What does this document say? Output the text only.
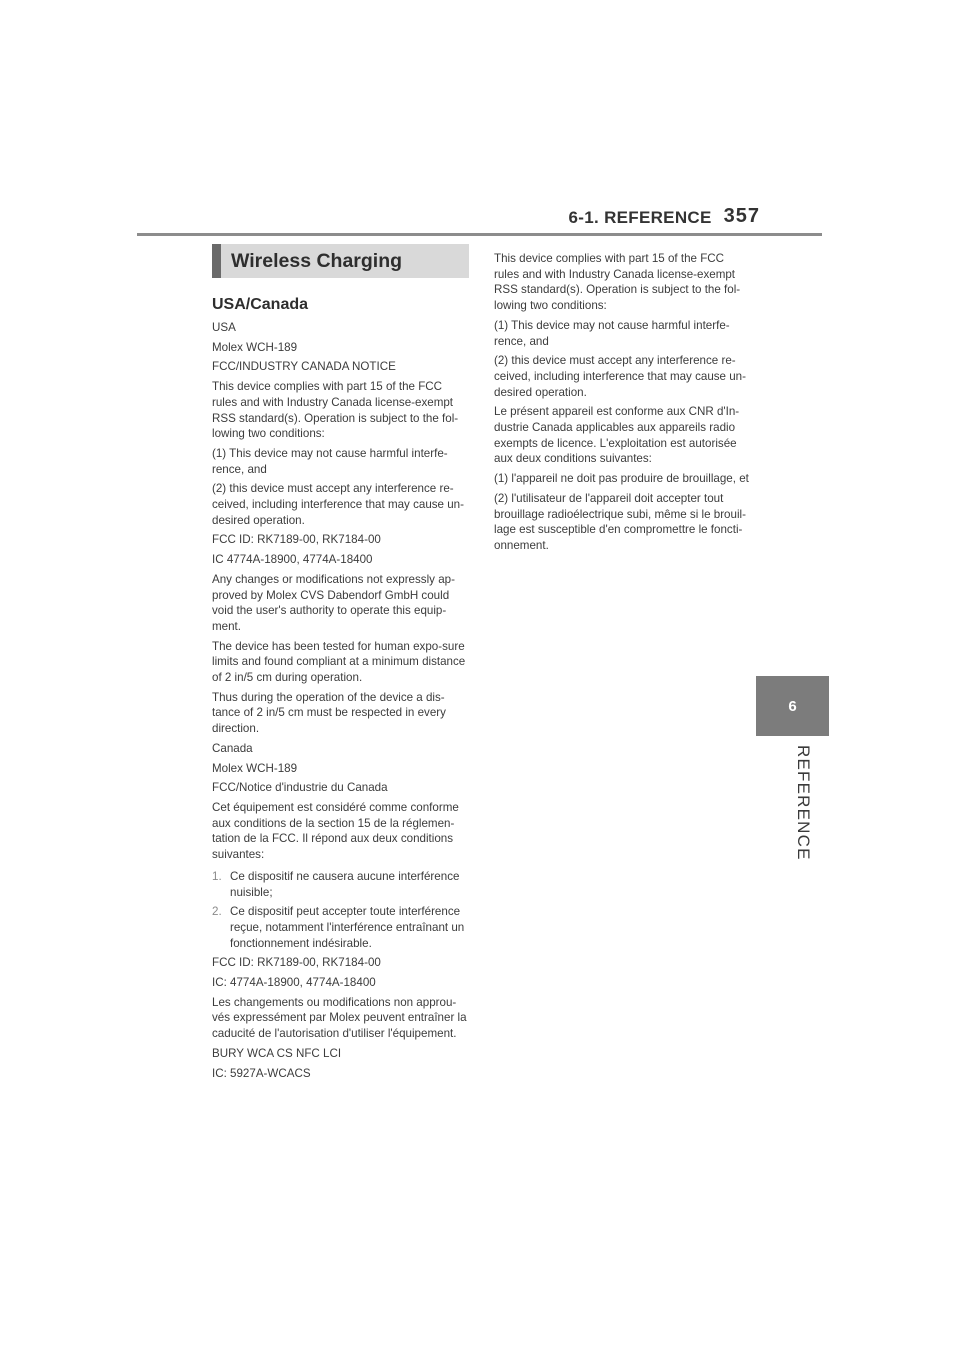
6-1. REFERENCE 357
6
REFERENCE
Wireless Charging
USA/Canada

USA

Molex WCH-189

FCC/INDUSTRY CANADA NOTICE

This device complies with part 15 of the FCC rules and with Industry Canada license-exempt RSS standard(s). Operation is subject to the fol-lowing two conditions:

(1) This device may not cause harmful interfe-rence, and

(2) this device must accept any interference re-ceived, including interference that may cause un-desired operation.

FCC ID: RK7189-00, RK7184-00

IC 4774A-18900, 4774A-18400

Any changes or modifications not expressly ap-proved by Molex CVS Dabendorf GmbH could void the user's authority to operate this equip-ment.

The device has been tested for human expo-sure limits and found compliant at a minimum distance of 2 in/5 cm during operation.

Thus during the operation of the device a dis-tance of 2 in/5 cm must be respected in every direction.

Canada

Molex WCH-189

FCC/Notice d'industrie du Canada

Cet équipement est considéré comme conforme aux conditions de la section 15 de la réglemen-tation de la FCC. Il répond aux deux conditions suivantes:

1. Ce dispositif ne causera aucune interférence nuisible;
2. Ce dispositif peut accepter toute interférence reçue, notamment l'interférence entraînant un fonctionnement indésirable.

FCC ID: RK7189-00, RK7184-00

IC: 4774A-18900, 4774A-18400

Les changements ou modifications non approu-vés expressément par Molex peuvent entraîner la caducité de l'autorisation d'utiliser l'équipement.

BURY WCA CS NFC LCI

IC: 5927A-WCACS

This device complies with part 15 of the FCC rules and with Industry Canada license-exempt RSS standard(s). Operation is subject to the fol-lowing two conditions:

(1) This device may not cause harmful interfe-rence, and

(2) this device must accept any interference re-ceived, including interference that may cause un-desired operation.

Le présent appareil est conforme aux CNR d'In-dustrie Canada applicables aux appareils radio exempts de licence. L'exploitation est autorisée aux deux conditions suivantes:

(1) l'appareil ne doit pas produire de brouillage, et

(2) l'utilisateur de l'appareil doit accepter tout brouillage radioélectrique subi, même si le brouil-lage est susceptible d'en compromettre le foncti-onnement.
